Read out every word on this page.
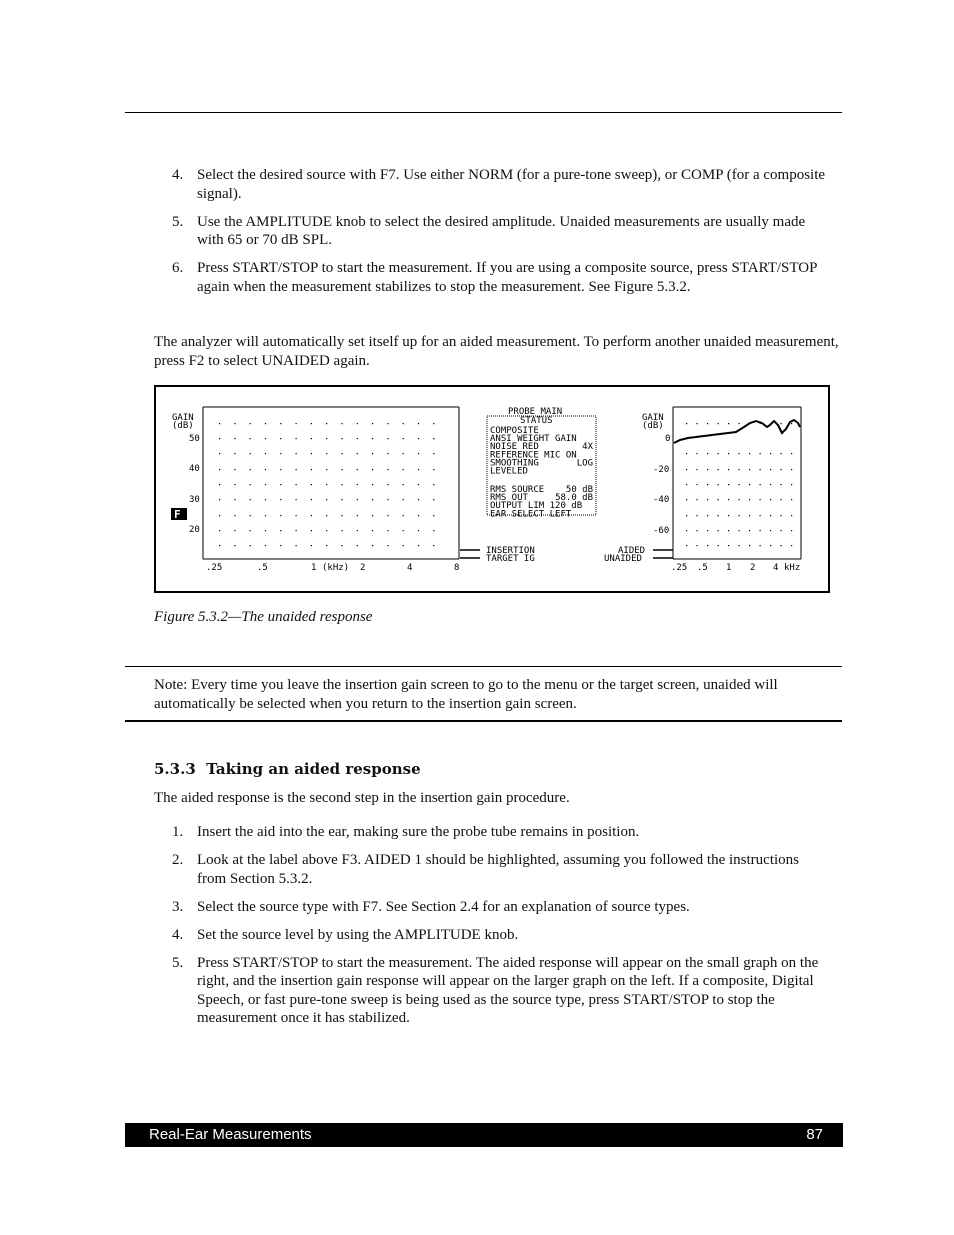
4. Select the desired source with F7. Use either NORM (for a pure-tone sweep), or COMP (for a composite signal).
5. Use the AMPLITUDE knob to select the desired amplitude. Unaided measurements are usually made with 65 or 70 dB SPL.
6. Press START/STOP to start the measurement. If you are using a composite source, press START/STOP again when the measurement stabilizes to stop the measurement. See Figure 5.3.2.

The analyzer will automatically set itself up for an aided measurement. To perform another unaided measurement, press F2 to select UNAIDED again.

GAIN
(dB)
50
40
30
20
F
.25	.5	1 (kHz) 2	4	8
PROBE MAIN
STATUS
COMPOSITE
ANSI WEIGHT GAIN
NOISE RED	4X
REFERENCE MIC ON
SMOOTHING	LOG
LEVELED
RMS SOURCE 50 dB
RMS OUT	58.0 dB
OUTPUT LIM 120 dB
EAR SELECT LEFT
INSERTION
TARGET IG
AIDED
UNAIDED
GAIN
(dB)
0
-20
-40
-60
.25 .5 1 2 4 kHz
Figure 5.3.2—The unaided response

Note: Every time you leave the insertion gain screen to go to the menu or the target screen, unaided will automatically be selected when you return to the insertion gain screen.

5.3.3  Taking an aided response

The aided response is the second step in the insertion gain procedure.

1. Insert the aid into the ear, making sure the probe tube remains in position.
2. Look at the label above F3. AIDED 1 should be highlighted, assuming you followed the instructions from Section 5.3.2.
3. Select the source type with F7. See Section 2.4 for an explanation of source types.
4. Set the source level by using the AMPLITUDE knob.
5. Press START/STOP to start the measurement. The aided response will appear on the small graph on the right, and the insertion gain response will appear on the larger graph on the left. If a composite, Digital Speech, or fast pure-tone sweep is being used as the source type, press START/STOP to stop the measurement once it has stabilized.
Real-Ear Measurements	87
